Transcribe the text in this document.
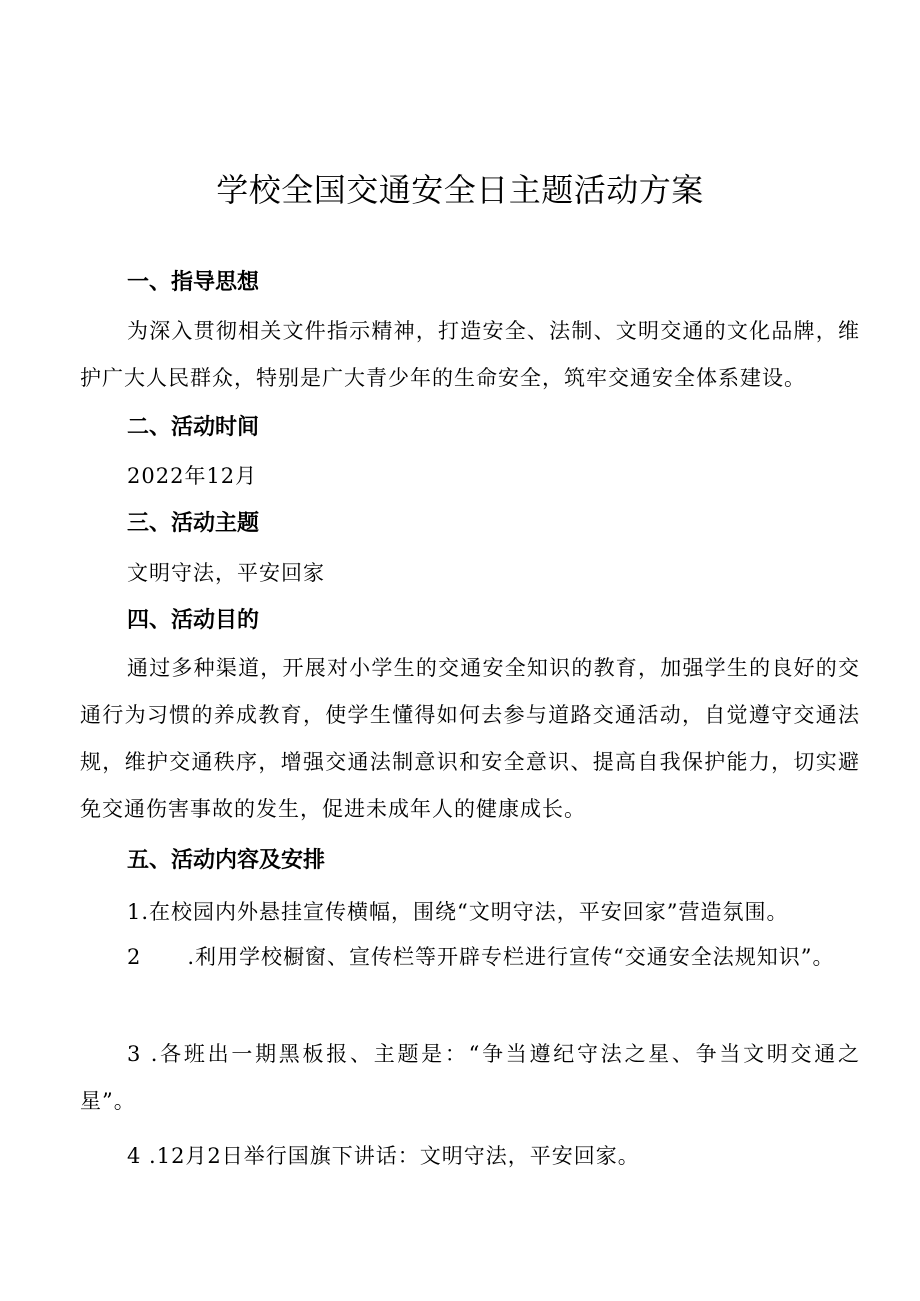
学校全国交通安全日主题活动方案
一、指导思想

为深入贯彻相关文件指示精神，打造安全、法制、文明交通的文化品牌，维护广大人民群众，特别是广大青少年的生命安全，筑牢交通安全体系建设。

二、活动时间

2022年12月

三、活动主题

文明守法，平安回家

四、活动目的

通过多种渠道，开展对小学生的交通安全知识的教育，加强学生的良好的交通行为习惯的养成教育，使学生懂得如何去参与道路交通活动，自觉遵守交通法规，维护交通秩序，增强交通法制意识和安全意识、提高自我保护能力，切实避免交通伤害事故的发生，促进未成年人的健康成长。

五、活动内容及安排

1.在校园内外悬挂宣传横幅，围绕“文明守法，平安回家”营造氛围。

2 .利用学校橱窗、宣传栏等开辟专栏进行宣传“交通安全法规知识”。

3 .各班出一期黑板报、主题是：“争当遵纪守法之星、争当文明交通之星”。

4 .12月2日举行国旗下讲话：文明守法，平安回家。
